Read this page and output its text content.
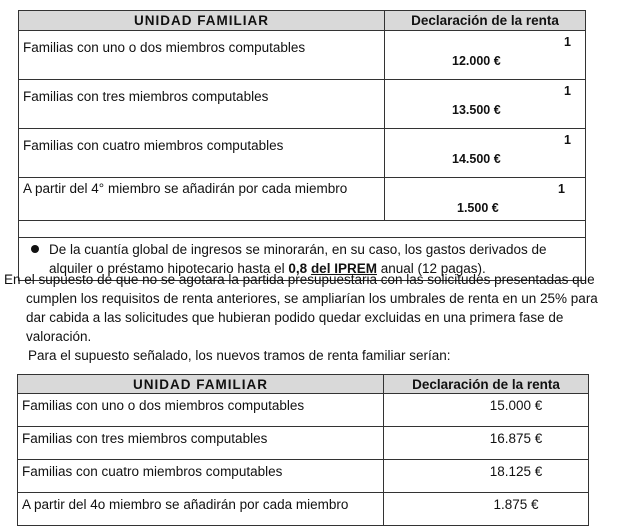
UNIDAD FAMILIAR	Declaración de la renta
Familias con uno o dos miembros computables	1
12.000 €

Familias con tres miembros computables	1
13.500 €

Familias con cuatro miembros computables	1
14.500 €

A partir del 4° miembro se añadirán por cada miembro	1
1.500 €

De la cuantía global de ingresos se minorarán, en su caso, los gastos derivados de
alquiler o préstamo hipotecario hasta el 0,8 del IPREM anual (12 pagas).	
En el supuesto de que no se agotara la partida presupuestaria con las solicitudes presentadas que
cumplen los requisitos de renta anteriores, se ampliarían los umbrales de renta en un 25% para
dar cabida a las solicitudes que hubieran podido quedar excluidas en una primera fase de
valoración.
Para el supuesto señalado, los nuevos tramos de renta familiar serían:
UNIDAD FAMILIAR	Declaración de la renta
Familias con uno o dos miembros computables	15.000 €
Familias con tres miembros computables	16.875 €
Familias con cuatro miembros computables	18.125 €
A partir del 4o miembro se añadirán por cada miembro	1.875 €
